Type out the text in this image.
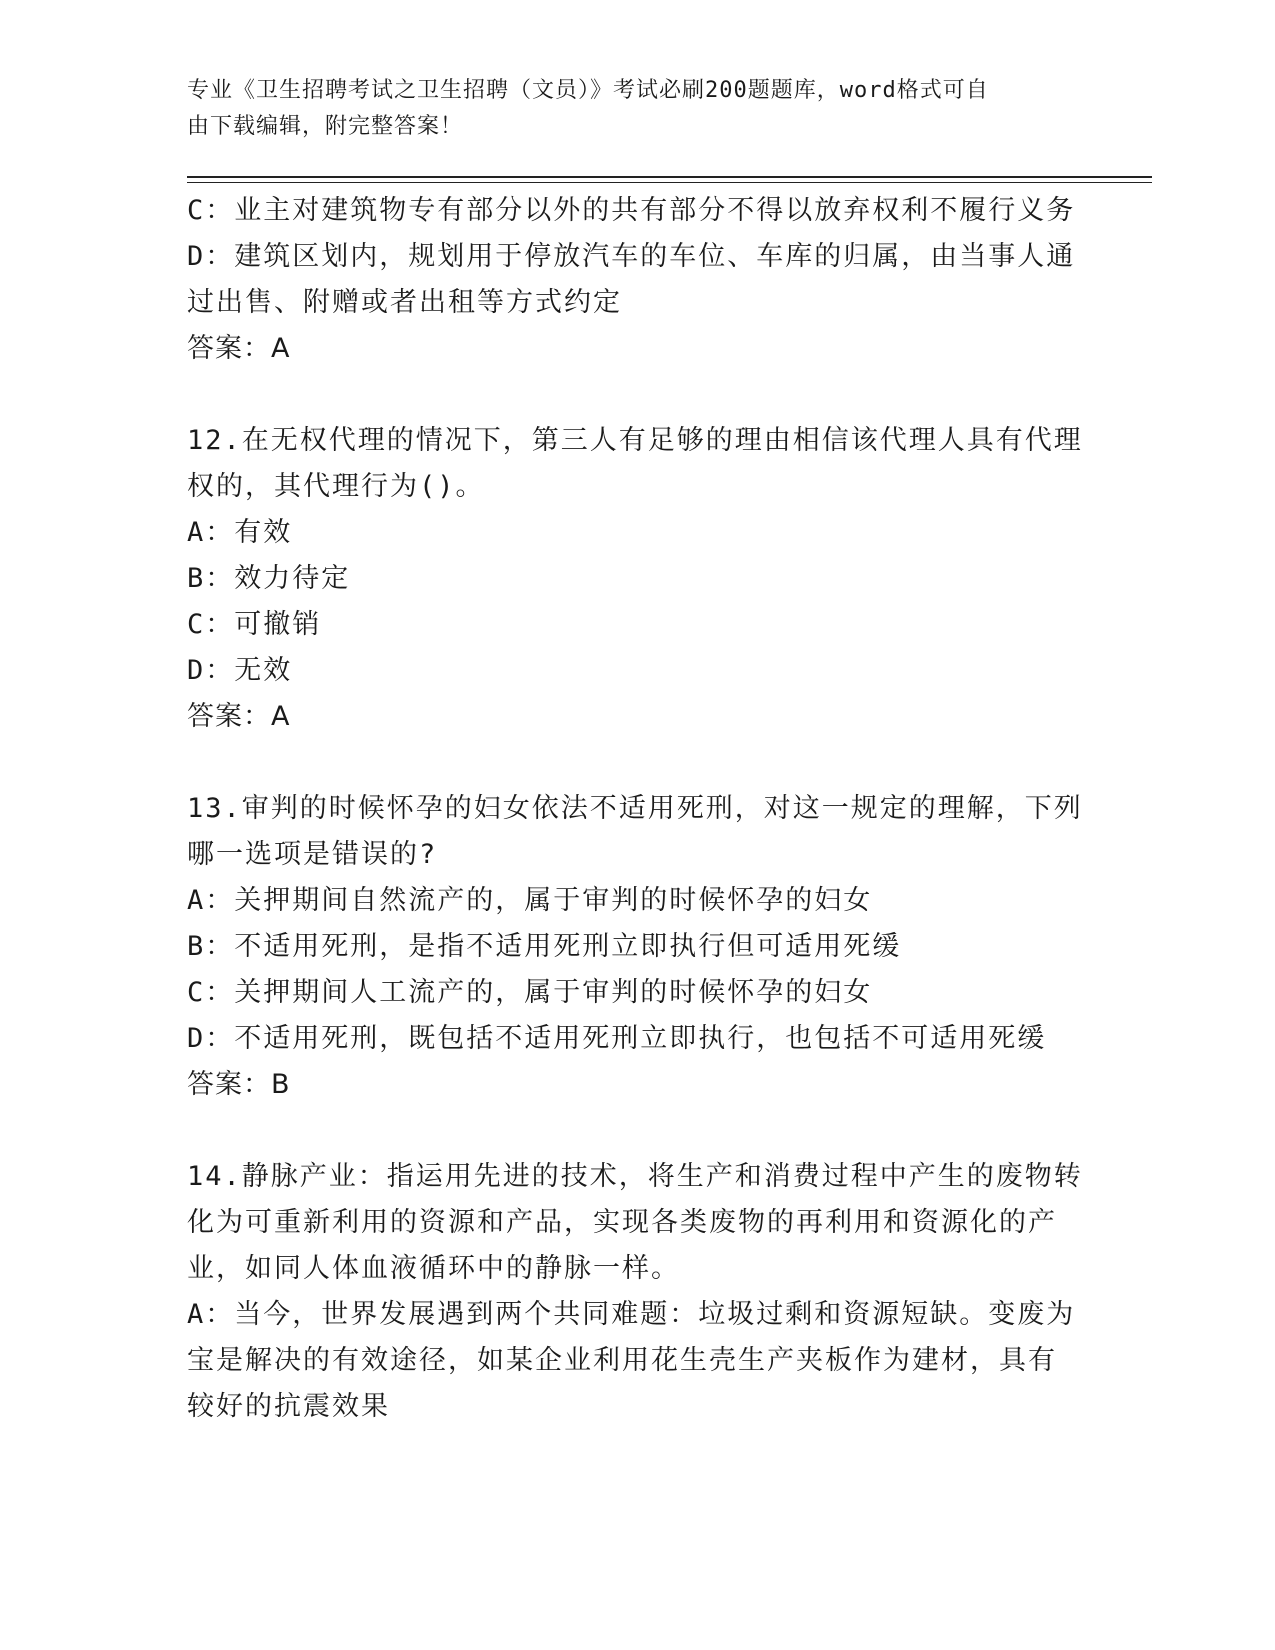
专业《卫生招聘考试之卫生招聘（文员）》考试必刷200题题库，word格式可自
由下载编辑，附完整答案！
C：业主对建筑物专有部分以外的共有部分不得以放弃权利不履行义务
D：建筑区划内，规划用于停放汽车的车位、车库的归属，由当事人通
过出售、附赠或者出租等方式约定
答案：A
12.在无权代理的情况下，第三人有足够的理由相信该代理人具有代理
权的，其代理行为()。
A：有效
B：效力待定
C：可撤销
D：无效
答案：A
13.审判的时候怀孕的妇女依法不适用死刑，对这一规定的理解，下列
哪一选项是错误的?
A：关押期间自然流产的，属于审判的时候怀孕的妇女
B：不适用死刑，是指不适用死刑立即执行但可适用死缓
C：关押期间人工流产的，属于审判的时候怀孕的妇女
D：不适用死刑，既包括不适用死刑立即执行，也包括不可适用死缓
答案：B
14.静脉产业：指运用先进的技术，将生产和消费过程中产生的废物转
化为可重新利用的资源和产品，实现各类废物的再利用和资源化的产
业，如同人体血液循环中的静脉一样。
A：当今，世界发展遇到两个共同难题：垃圾过剩和资源短缺。变废为
宝是解决的有效途径，如某企业利用花生壳生产夹板作为建材，具有
较好的抗震效果
